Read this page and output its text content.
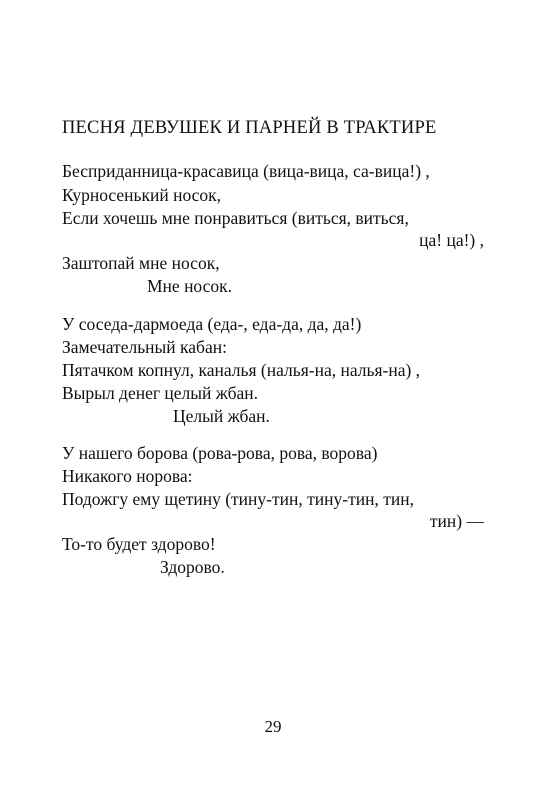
ПЕСНЯ ДЕВУШЕК И ПАРНЕЙ В ТРАКТИРЕ
Бесприданница-красавица (вица-вица, са-вица!) ,
Курносенький носок,
Если хочешь мне понравиться (виться, виться,
ца! ца!) ,
Заштопай мне носок,
Мне носок.
У соседа-дармоеда (еда-, еда-да, да, да!)
Замечательный кабан:
Пятачком копнул, каналья (налья-на, налья-на) ,
Вырыл денег целый жбан.
Целый жбан.
У нашего борова (рова-рова, рова, ворова)
Никакого норова:
Подожгу ему щетину (тину-тин, тину-тин, тин,
тин) —
То-то будет здорово!
Здорово.
29
